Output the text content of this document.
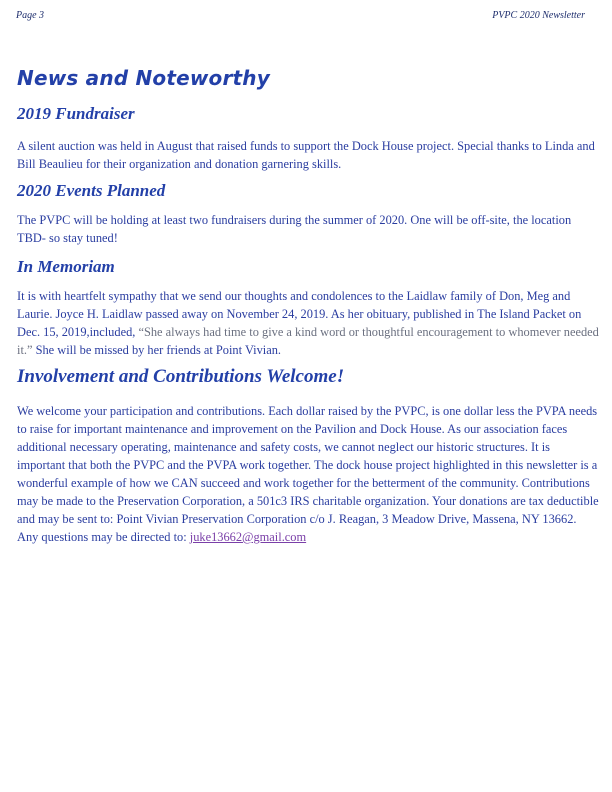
Page 3	PVPC 2020 Newsletter
News and Noteworthy
2019 Fundraiser

A silent auction was held in August that raised funds to support the Dock House project. Special thanks to Linda and Bill Beaulieu for their organization and donation garnering skills.

2020 Events Planned

The PVPC will be holding at least two fundraisers during the summer of 2020. One will be off-site, the location TBD- so stay tuned!

In Memoriam

It is with heartfelt sympathy that we send our thoughts and condolences to the Laidlaw family of Don, Meg and Laurie. Joyce H. Laidlaw passed away on November 24, 2019. As her obituary, published in The Island Packet on Dec. 15, 2019,included, “She always had time to give a kind word or thoughtful encouragement to whomever needed it.” She will be missed by her friends at Point Vivian.

Involvement and Contributions Welcome!

We welcome your participation and contributions. Each dollar raised by the PVPC, is one dollar less the PVPA needs to raise for important maintenance and improvement on the Pavilion and Dock House. As our association faces additional necessary operating, maintenance and safety costs, we cannot neglect our historic structures. It is important that both the PVPC and the PVPA work together. The dock house project highlighted in this newsletter is a wonderful example of how we CAN succeed and work together for the betterment of the community. Contributions may be made to the Preservation Corporation, a 501c3 IRS charitable organization. Your donations are tax deductible and may be sent to: Point Vivian Preservation Corporation c/o J. Reagan, 3 Meadow Drive, Massena, NY 13662. Any questions may be directed to: juke13662@gmail.com
